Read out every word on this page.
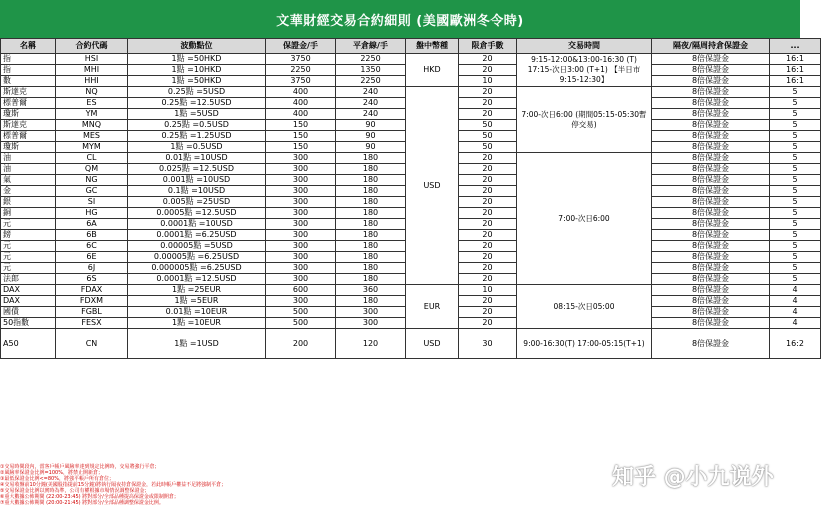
文華財經交易合約細則 (美國歐洲冬令時)
名稱	合約代碼	波動點位	保證金/手	平倉線/手	盤中幣種	限倉手數	交易時間	隔夜/隔周持倉保證金	...
指	HSI	1點 =50HKD	3750	2250	HKD	20	9:15-12:00&13:00-16:30 (T) 17:15-次日3:00 (T+1) 【半日市9:15-12:30】	8倍保證金	16:1
指	MHI	1點 =10HKD	2250	1350		20		8倍保證金	16:1
數	HHI	1點 =50HKD	3750	2250		10		8倍保證金	16:1
斯達克	NQ	0.25點 =5USD	400	240	USD	20	7:00-次日6:00 (期間05:15-05:30暫停交易)	8倍保證金	5
標普爾	ES	0.25點 =12.5USD	400	240		20		8倍保證金	5
瓊斯	YM	1點 =5USD	400	240		20		8倍保證金	5
斯達克	MNQ	0.25點 =0.5USD	150	90		50		8倍保證金	5
標普爾	MES	0.25點 =1.25USD	150	90		50		8倍保證金	5
瓊斯	MYM	1點 =0.5USD	150	90		50		8倍保證金	5
油	CL	0.01點 =10USD	300	180		20	7:00-次日6:00	8倍保證金	5
油	QM	0.025點 =12.5USD	300	180		20		8倍保證金	5
氣	NG	0.001點 =10USD	300	180		20		8倍保證金	5
金	GC	0.1點 =10USD	300	180		20		8倍保證金	5
銀	SI	0.005點 =25USD	300	180		20		8倍保證金	5
銅	HG	0.0005點 =12.5USD	300	180		20		8倍保證金	5
元	6A	0.0001點 =10USD	300	180		20		8倍保證金	5
鎊	6B	0.0001點 =6.25USD	300	180		20		8倍保證金	5
元	6C	0.00005點 =5USD	300	180		20		8倍保證金	5
元	6E	0.00005點 =6.25USD	300	180		20		8倍保證金	5
元	6J	0.000005點 =6.25USD	300	180		20		8倍保證金	5
法郎	6S	0.0001點 =12.5USD	300	180		20		8倍保證金	5
DAX	FDAX	1點 =25EUR	600	360	EUR	10	08:15-次日05:00	8倍保證金	4
DAX	FDXM	1點 =5EUR	300	180		20		8倍保證金	4
國債	FGBL	0.01點 =10EUR	500	300		20		8倍保證金	4
50指數	FESX	1點 =10EUR	500	300		20		8倍保證金	4
A50	CN	1點 =1USD	200	120	USD	30	9:00-16:30(T) 17:00-05:15(T+1)	8倍保證金	16:2
①交易時間段內，當客戶帳戶風險率達到規定比例時，交易將強行平倉；
②風險率保證金比例=100%，將禁止開新倉；
③最低保證金比例<=80%，將強平帳戶所有倉位；
④交易收盤前10分鐘(美國股指提前15分鐘)將執行隔夜持倉保證金，若此時帳戶權益不足將強制平倉；
⑤交易保證金比例以實時為準，公司有權根據市場情況調整保證金；
⑥重大數據公佈期間 (22:00-23:45) 將對部分/全部品種提高保證金或限制開倉；
⑦重大數據公佈期間 (20:00-21:45) 將對部分/全部品種調整保證金比例。
知乎 @小九说外
